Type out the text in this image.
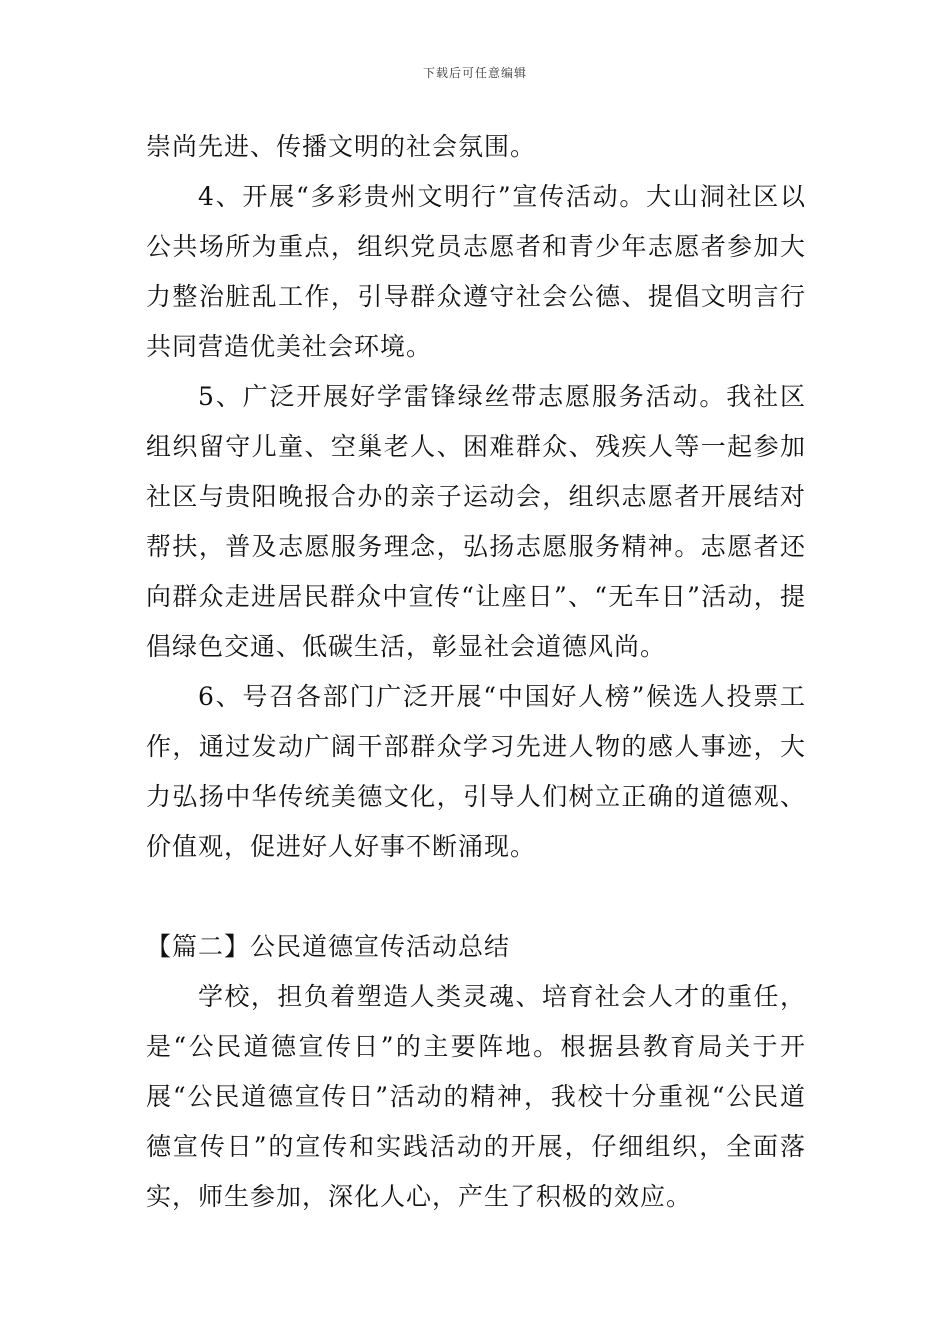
下载后可任意编辑

崇尚先进、传播文明的社会氛围。

4、开展“多彩贵州文明行”宣传活动。大山洞社区以公共场所为重点，组织党员志愿者和青少年志愿者参加大力整治脏乱工作，引导群众遵守社会公德、提倡文明言行共同营造优美社会环境。

5、广泛开展好学雷锋绿丝带志愿服务活动。我社区组织留守儿童、空巢老人、困难群众、残疾人等一起参加社区与贵阳晚报合办的亲子运动会，组织志愿者开展结对帮扶，普及志愿服务理念，弘扬志愿服务精神。志愿者还向群众走进居民群众中宣传“让座日”、“无车日”活动，提倡绿色交通、低碳生活，彰显社会道德风尚。

6、号召各部门广泛开展“中国好人榜”候选人投票工作，通过发动广阔干部群众学习先进人物的感人事迹，大力弘扬中华传统美德文化，引导人们树立正确的道德观、价值观，促进好人好事不断涌现。

【篇二】公民道德宣传活动总结

学校，担负着塑造人类灵魂、培育社会人才的重任，是“公民道德宣传日”的主要阵地。根据县教育局关于开展“公民道德宣传日”活动的精神，我校十分重视“公民道德宣传日”的宣传和实践活动的开展，仔细组织，全面落实，师生参加，深化人心，产生了积极的效应。
